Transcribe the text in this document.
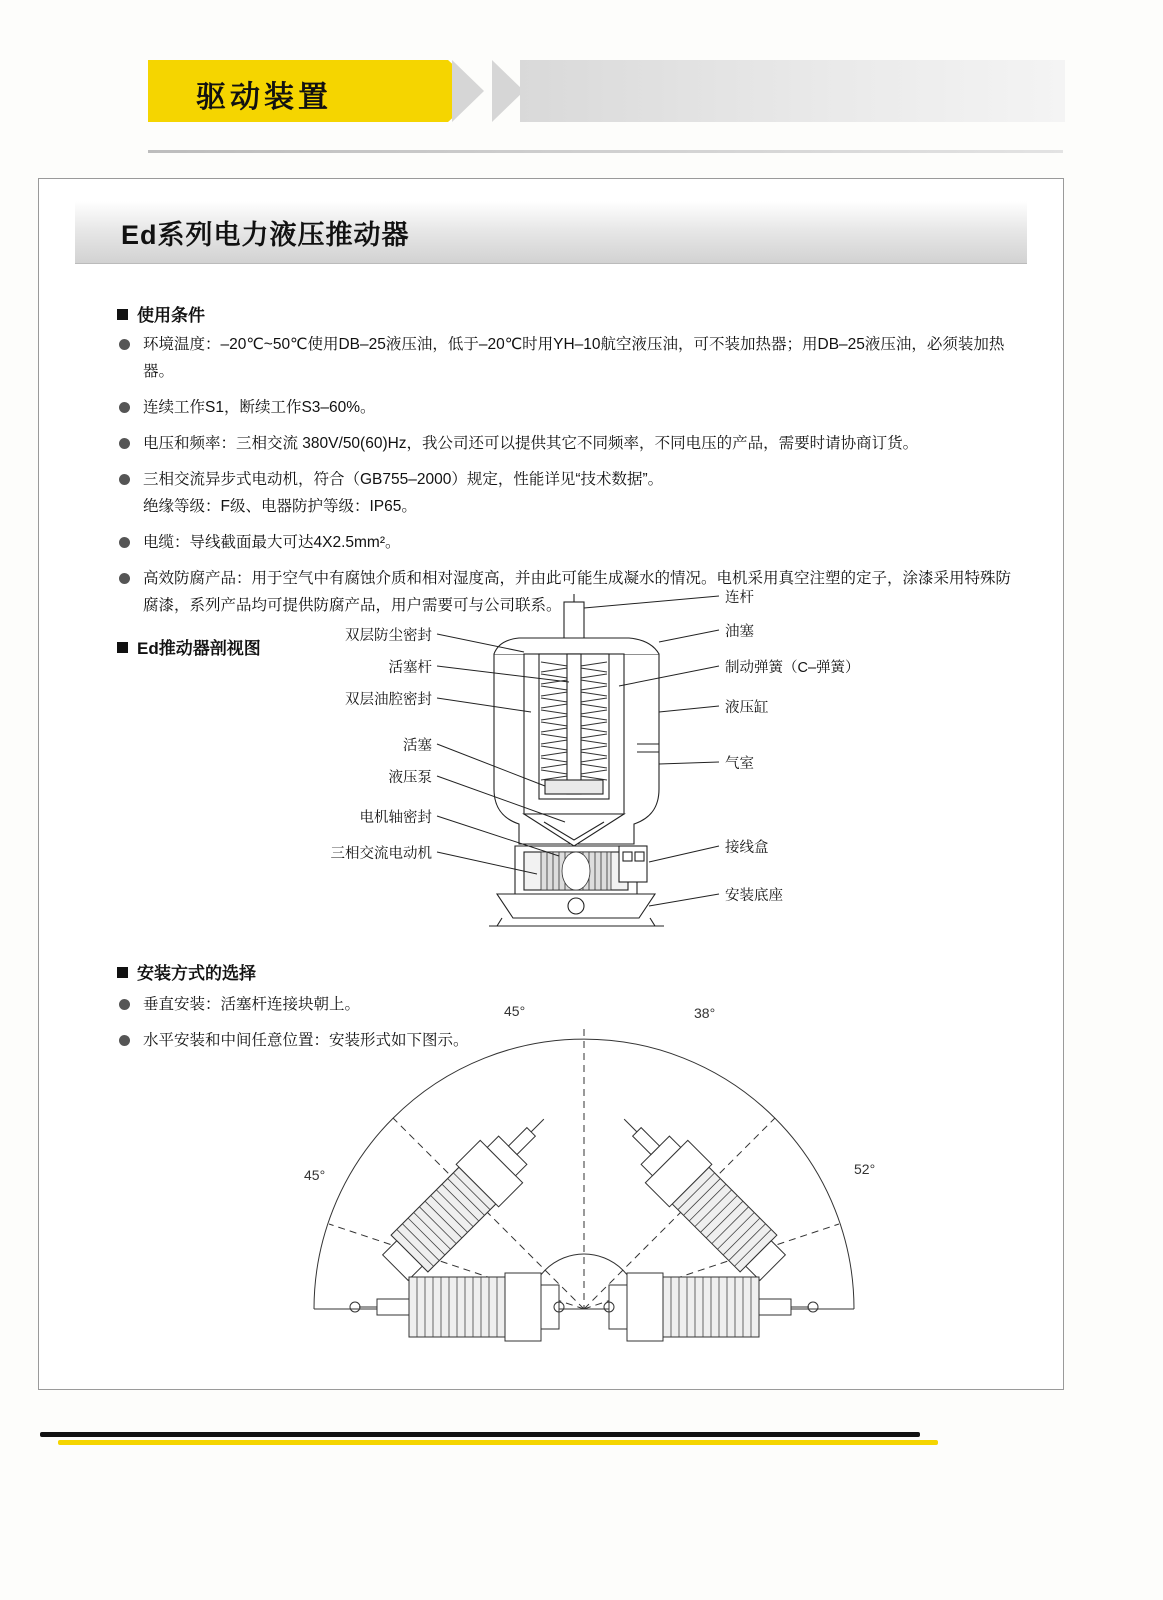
驱动装置
Ed系列电力液压推动器
使用条件
环境温度：–20℃~50℃使用DB–25液压油，低于–20℃时用YH–10航空液压油，可不装加热器；用DB–25液压油，必须装加热器。
连续工作S1，断续工作S3–60%。
电压和频率：三相交流 380V/50(60)Hz，我公司还可以提供其它不同频率，不同电压的产品，需要时请协商订货。
三相交流异步式电动机，符合（GB755–2000）规定，性能详见“技术数据”。
绝缘等级：F级、电器防护等级：IP65。
电缆：导线截面最大可达4X2.5mm²。
高效防腐产品：用于空气中有腐蚀介质和相对湿度高，并由此可能生成凝水的情况。电机采用真空注塑的定子，涂漆采用特殊防腐漆，系列产品均可提供防腐产品，用户需要可与公司联系。
Ed推动器剖视图
双层防尘密封
活塞杆
双层油腔密封
活塞
液压泵
电机轴密封
三相交流电动机
连杆
油塞
制动弹簧（C–弹簧）
液压缸
气室
接线盒
安装底座
安装方式的选择
垂直安装：活塞杆连接块朝上。
水平安装和中间任意位置：安装形式如下图示。
45°	38°
45°	52°
